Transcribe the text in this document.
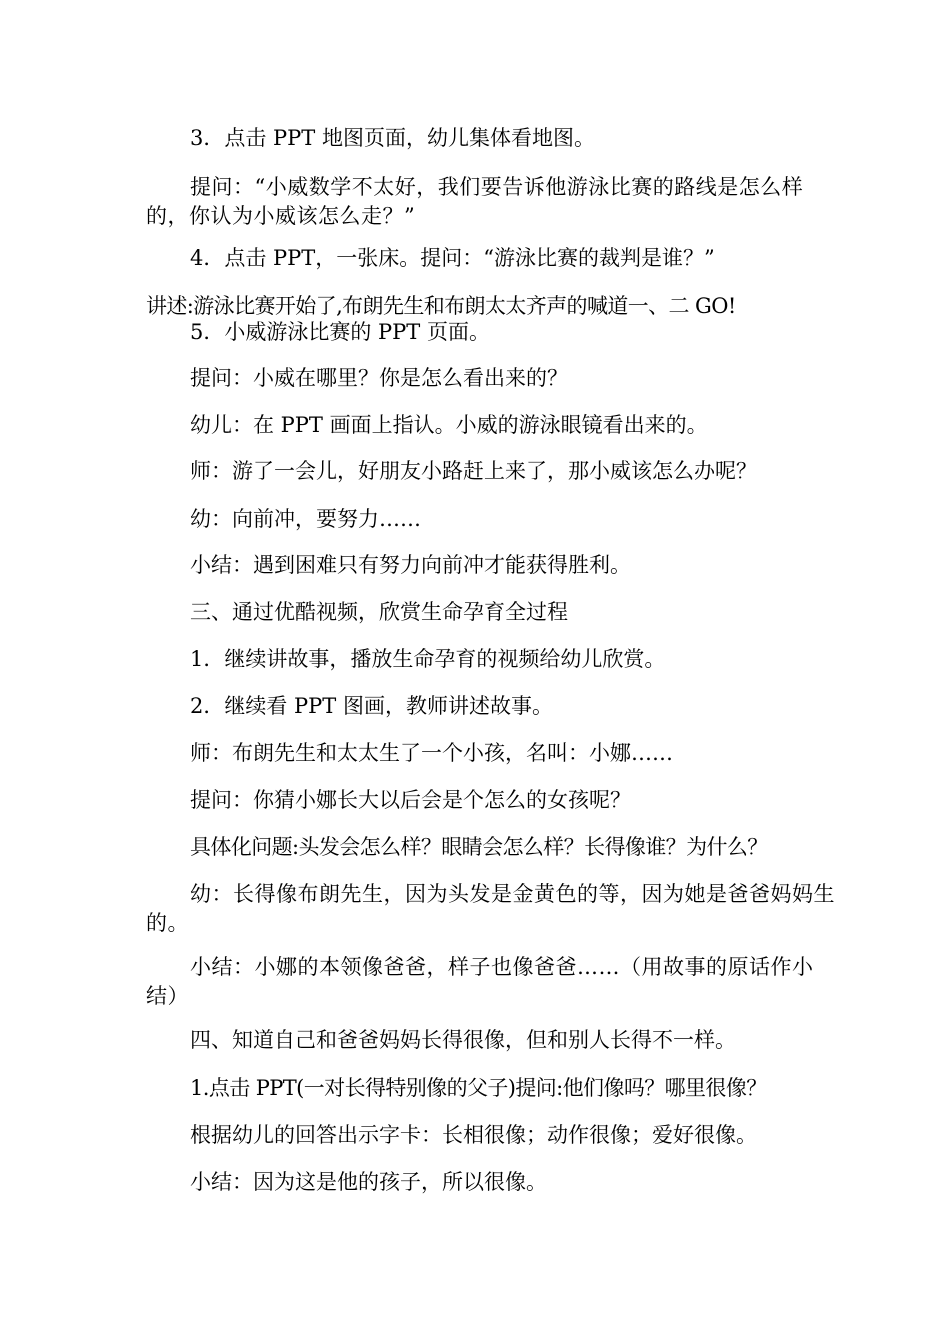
3．点击 PPT 地图页面，幼儿集体看地图。
提问：“小威数学不太好，我们要告诉他游泳比赛的路线是怎么样的，你认为小威该怎么走？”
4．点击 PPT，一张床。提问：“游泳比赛的裁判是谁？”
讲述:游泳比赛开始了,布朗先生和布朗太太齐声的喊道一、二 GO!
5．小威游泳比赛的 PPT 页面。
提问：小威在哪里？你是怎么看出来的？
幼儿：在 PPT 画面上指认。小威的游泳眼镜看出来的。
师：游了一会儿，好朋友小路赶上来了，那小威该怎么办呢？
幼：向前冲，要努力……
小结：遇到困难只有努力向前冲才能获得胜利。
三、通过优酷视频，欣赏生命孕育全过程
1．继续讲故事，播放生命孕育的视频给幼儿欣赏。
2．继续看 PPT 图画，教师讲述故事。
师：布朗先生和太太生了一个小孩，名叫：小娜……
提问：你猜小娜长大以后会是个怎么的女孩呢？
具体化问题:头发会怎么样？眼睛会怎么样？长得像谁？为什么？
幼：长得像布朗先生，因为头发是金黄色的等，因为她是爸爸妈妈生的。
小结：小娜的本领像爸爸，样子也像爸爸……（用故事的原话作小结）
四、知道自己和爸爸妈妈长得很像，但和别人长得不一样。
1.点击 PPT(一对长得特别像的父子)提问:他们像吗？哪里很像？
根据幼儿的回答出示字卡：长相很像；动作很像；爱好很像。
小结：因为这是他的孩子，所以很像。
